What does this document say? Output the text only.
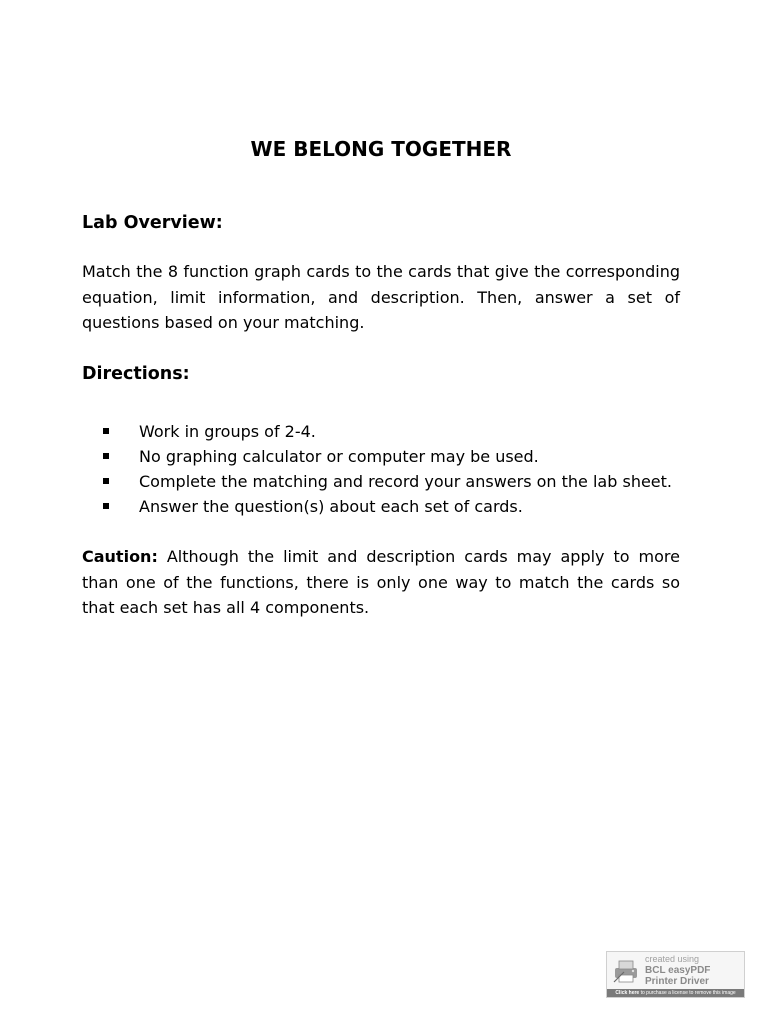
WE BELONG TOGETHER
Lab Overview:
Match the 8 function graph cards to the cards that give the corresponding equation, limit information, and description. Then, answer a set of questions based on your matching.
Directions:
Work in groups of 2-4.
No graphing calculator or computer may be used.
Complete the matching and record your answers on the lab sheet.
Answer the question(s) about each set of cards.
Caution: Although the limit and description cards may apply to more than one of the functions, there is only one way to match the cards so that each set has all 4 components.
created using
BCL easyPDF
Printer Driver
Click here to purchase a license to remove this image
